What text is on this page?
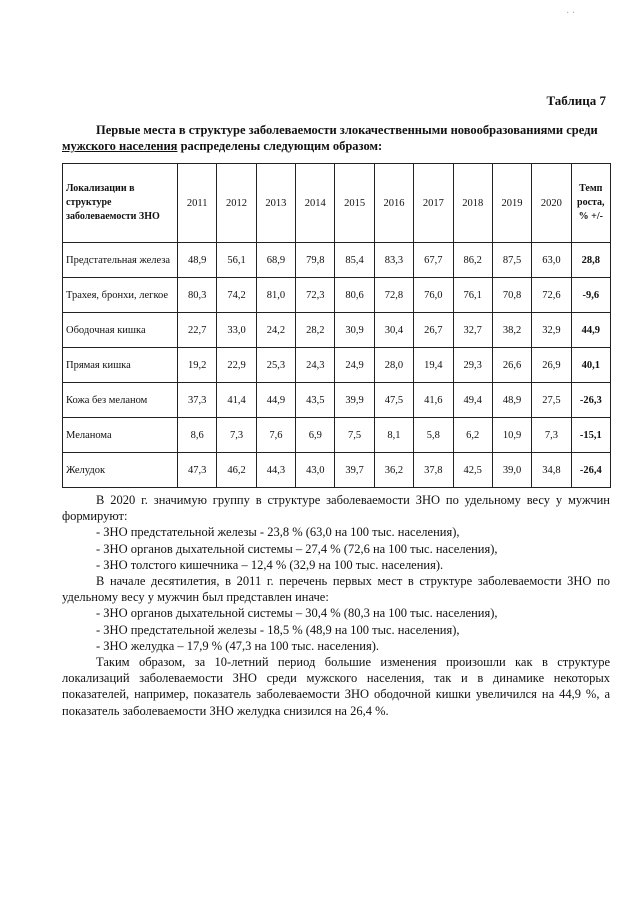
Таблица 7
Первые места в структуре заболеваемости злокачественными новообразованиями среди мужского населения распределены следующим образом:
Локализации в структуре заболеваемости ЗНО	2011	2012	2013	2014	2015	2016	2017	2018	2019	2020	Темп роста, % +/-
Предстательная железа	48,9	56,1	68,9	79,8	85,4	83,3	67,7	86,2	87,5	63,0	28,8
Трахея, бронхи, легкое	80,3	74,2	81,0	72,3	80,6	72,8	76,0	76,1	70,8	72,6	-9,6
Ободочная кишка	22,7	33,0	24,2	28,2	30,9	30,4	26,7	32,7	38,2	32,9	44,9
Прямая кишка	19,2	22,9	25,3	24,3	24,9	28,0	19,4	29,3	26,6	26,9	40,1
Кожа без меланом	37,3	41,4	44,9	43,5	39,9	47,5	41,6	49,4	48,9	27,5	-26,3
Меланома	8,6	7,3	7,6	6,9	7,5	8,1	5,8	6,2	10,9	7,3	-15,1
Желудок	47,3	46,2	44,3	43,0	39,7	36,2	37,8	42,5	39,0	34,8	-26,4

В 2020 г. значимую группу в структуре заболеваемости ЗНО по удельному весу у мужчин формируют:

- ЗНО предстательной железы - 23,8 % (63,0 на 100 тыс. населения),

- ЗНО органов дыхательной системы – 27,4 % (72,6 на 100 тыс. населения),

- ЗНО толстого кишечника – 12,4 % (32,9 на 100 тыс. населения).

В начале десятилетия, в 2011 г. перечень первых мест в структуре заболеваемости ЗНО по удельному весу у мужчин был представлен иначе:

- ЗНО органов дыхательной системы – 30,4 % (80,3 на 100 тыс. населения),

- ЗНО предстательной железы - 18,5 % (48,9 на 100 тыс. населения),

- ЗНО желудка – 17,9 % (47,3 на 100 тыс. населения).

Таким образом, за 10-летний период большие изменения произошли как в структуре локализаций заболеваемости ЗНО среди мужского населения, так и в динамике некоторых показателей, например, показатель заболеваемости ЗНО ободочной кишки увеличился на 44,9 %, а показатель заболеваемости ЗНО желудка снизился на 26,4 %.

· ·
